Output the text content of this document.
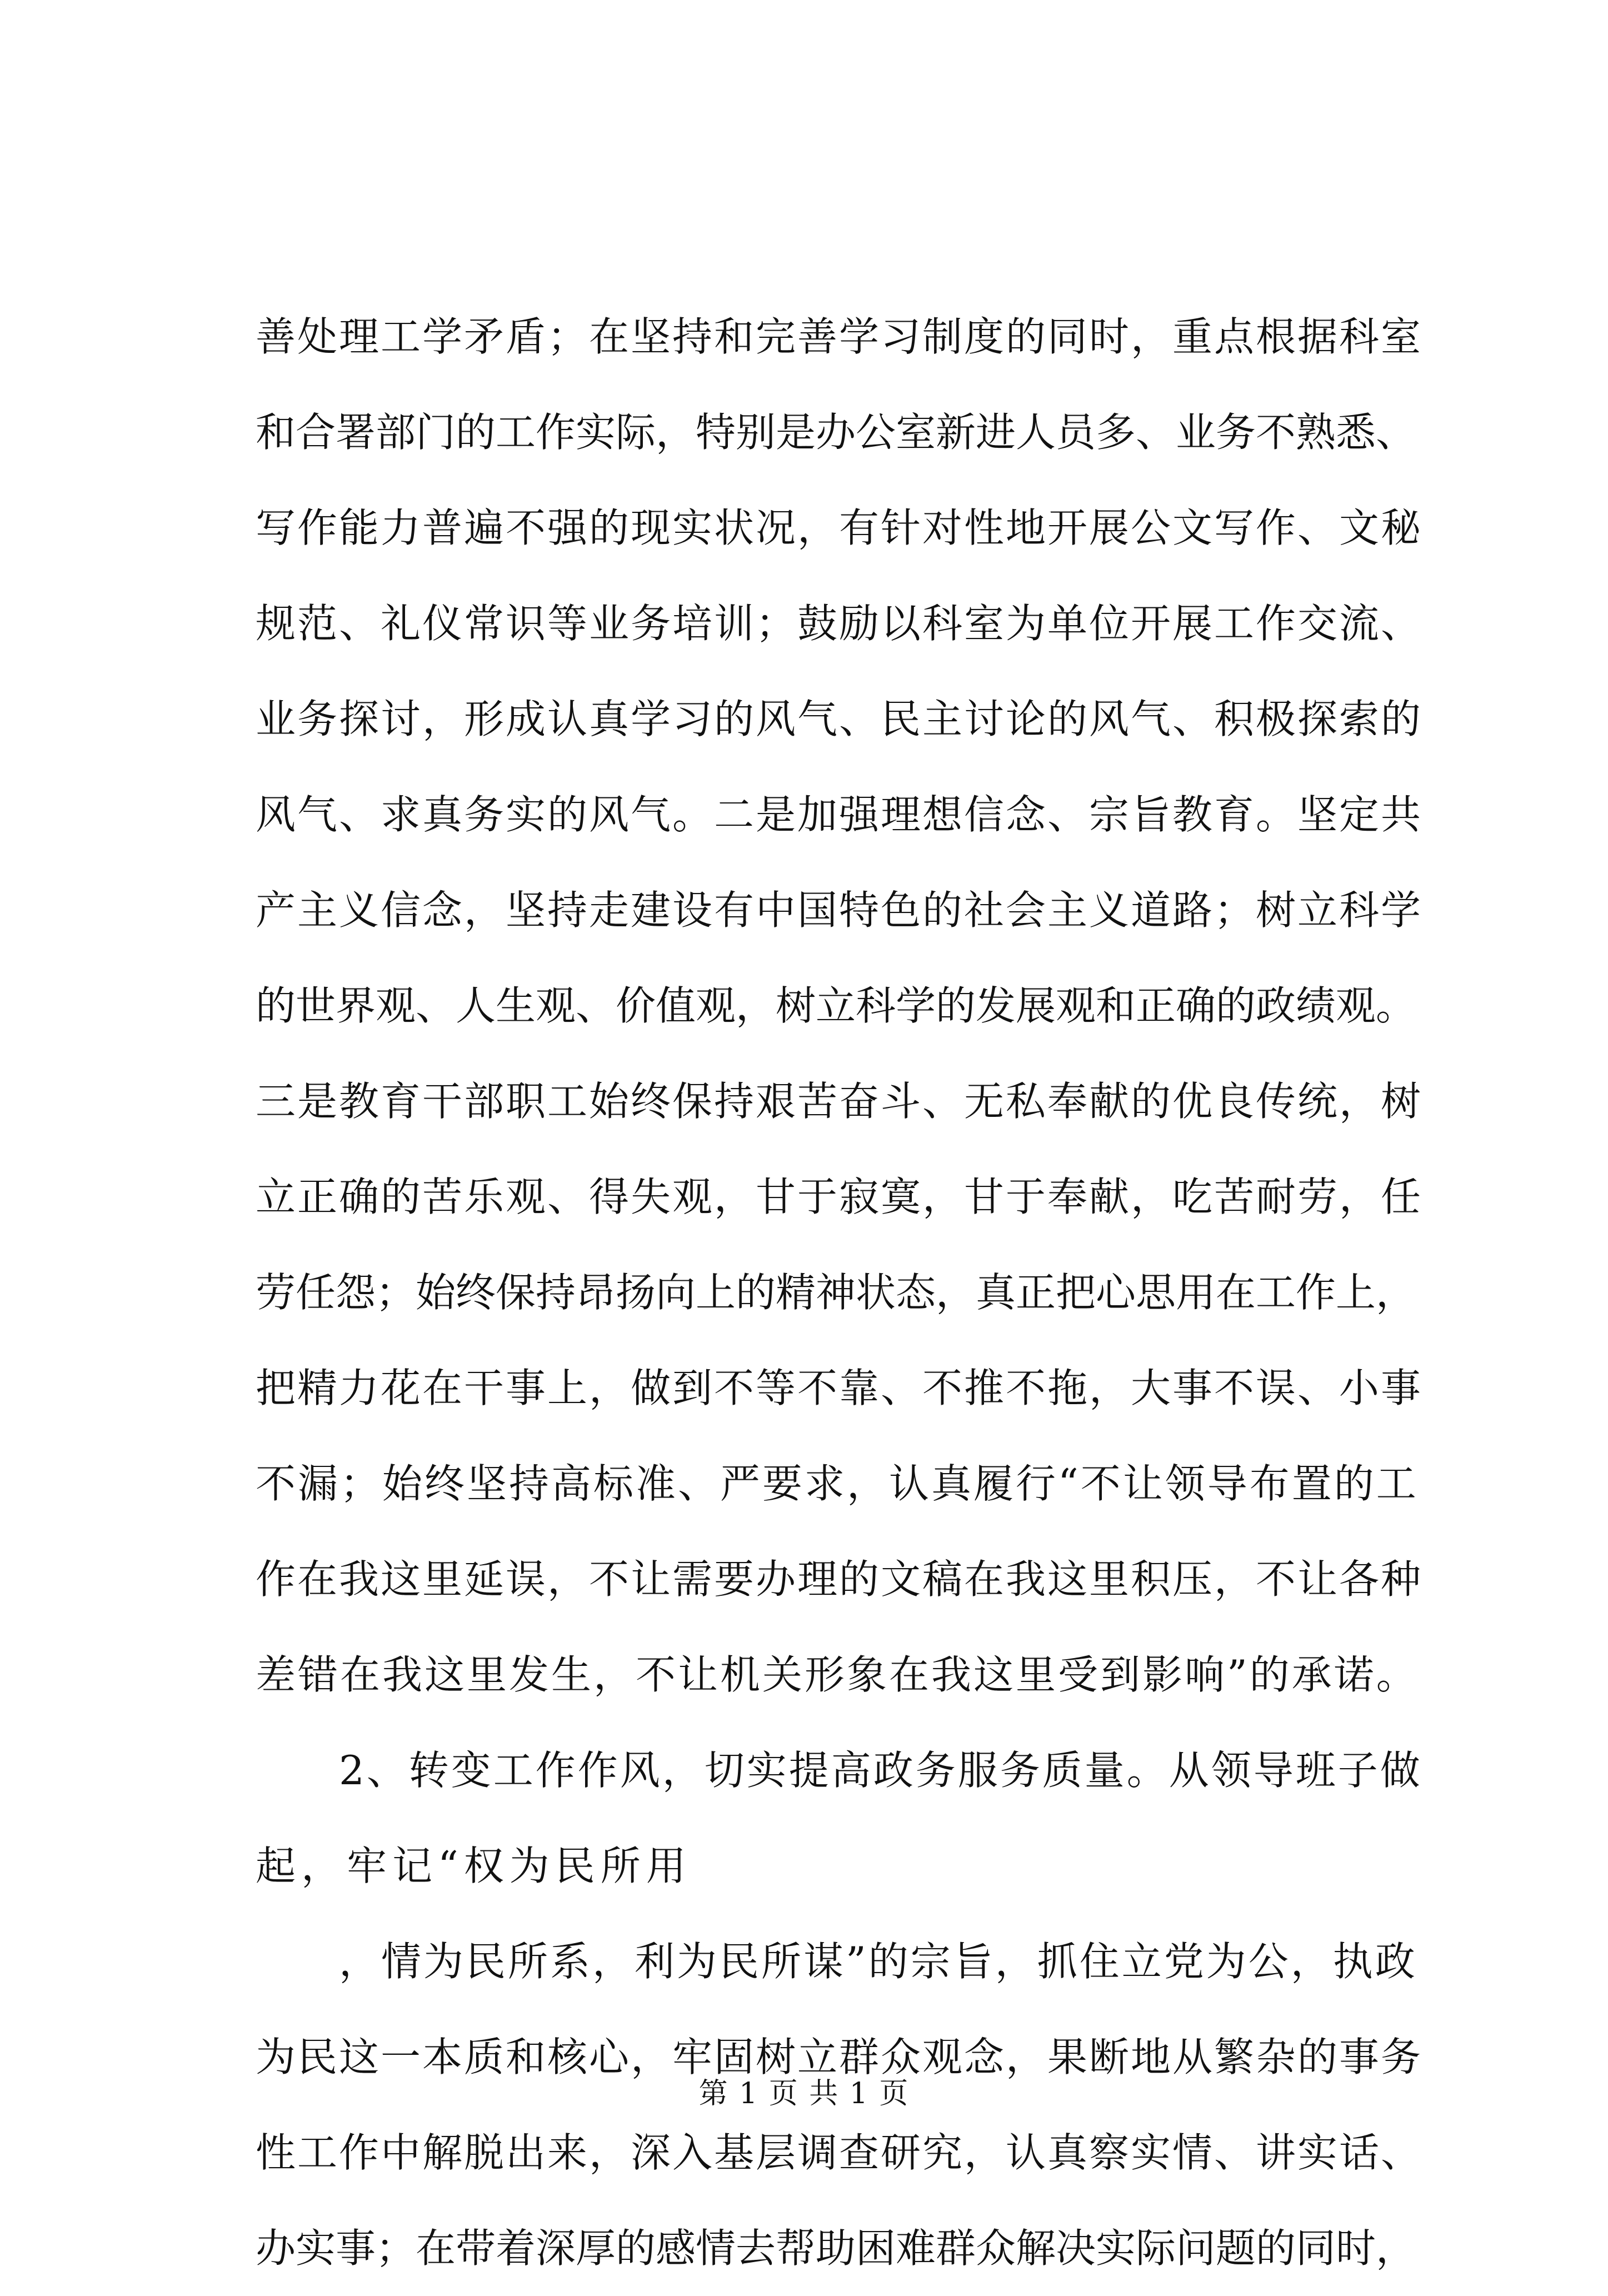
善处理工学矛盾；在坚持和完善学习制度的同时，重点根据科室
和合署部门的工作实际，特别是办公室新进人员多、业务不熟悉、
写作能力普遍不强的现实状况，有针对性地开展公文写作、文秘
规范、礼仪常识等业务培训；鼓励以科室为单位开展工作交流、
业务探讨，形成认真学习的风气、民主讨论的风气、积极探索的
风气、求真务实的风气。二是加强理想信念、宗旨教育。坚定共
产主义信念，坚持走建设有中国特色的社会主义道路；树立科学
的世界观、人生观、价值观，树立科学的发展观和正确的政绩观。
三是教育干部职工始终保持艰苦奋斗、无私奉献的优良传统，树
立正确的苦乐观、得失观，甘于寂寞，甘于奉献，吃苦耐劳，任
劳任怨；始终保持昂扬向上的精神状态，真正把心思用在工作上，
把精力花在干事上，做到不等不靠、不推不拖，大事不误、小事
不漏；始终坚持高标准、严要求，认真履行“不让领导布置的工
作在我这里延误，不让需要办理的文稿在我这里积压，不让各种
差错在我这里发生，不让机关形象在我这里受到影响”的承诺。
2、转变工作作风，切实提高政务服务质量。从领导班子做
起，牢记“权为民所用
，情为民所系，利为民所谋”的宗旨，抓住立党为公，执政
为民这一本质和核心，牢固树立群众观念，果断地从繁杂的事务
性工作中解脱出来，深入基层调查研究，认真察实情、讲实话、
办实事；在带着深厚的感情去帮助困难群众解决实际问题的同时，
第 1 页 共 1 页
